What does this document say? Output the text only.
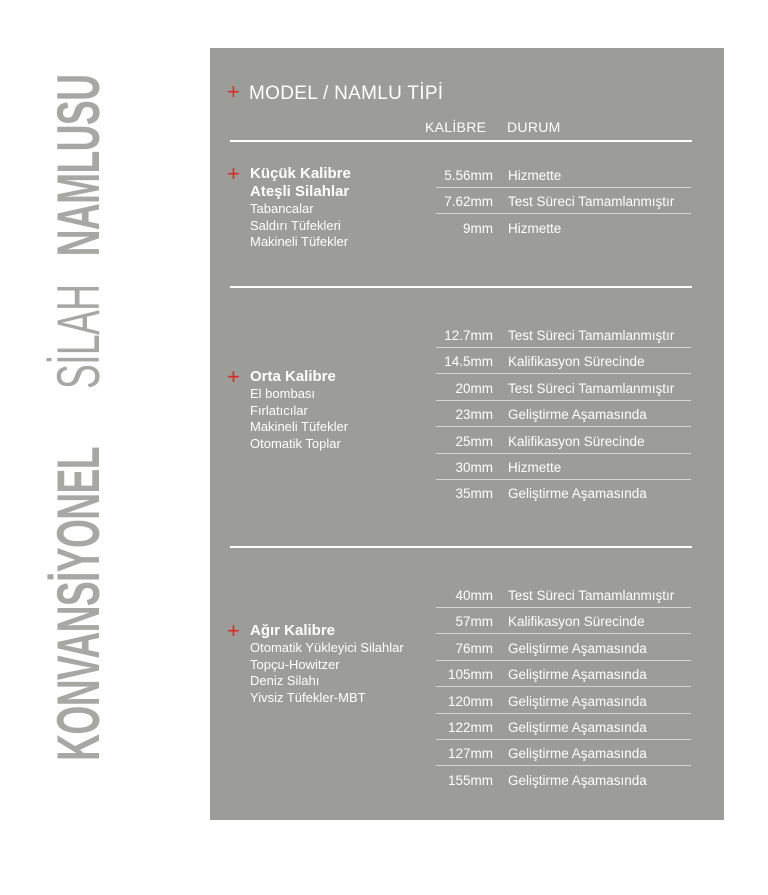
KONVANSİYONEL
SİLAH
NAMLUSU	+ MODEL / NAMLU TİPİ
KALİBRE DURUM
+ Küçük Kalibre
Ateşli Silahlar
Tabancalar
Saldırı Tüfekleri
Makineli Tüfekler
5.56mm Hizmette
7.62mm Test Süreci Tamamlanmıştır
9mm Hizmette
+ Orta Kalibre
El bombası
Fırlatıcılar
Makineli Tüfekler
Otomatik Toplar
12.7mm Test Süreci Tamamlanmıştır
14.5mm Kalifikasyon Sürecinde
20mm Test Süreci Tamamlanmıştır
23mm Geliştirme Aşamasında
25mm Kalifikasyon Sürecinde
30mm Hizmette
35mm Geliştirme Aşamasında
+ Ağır Kalibre
Otomatik Yükleyici Silahlar
Topçu-Howitzer
Deniz Silahı
Yivsiz Tüfekler-MBT
40mm Test Süreci Tamamlanmıştır
57mm Kalifikasyon Sürecinde
76mm Geliştirme Aşamasında
105mm Geliştirme Aşamasında
120mm Geliştirme Aşamasında
122mm Geliştirme Aşamasında
127mm Geliştirme Aşamasında
155mm Geliştirme Aşamasında
